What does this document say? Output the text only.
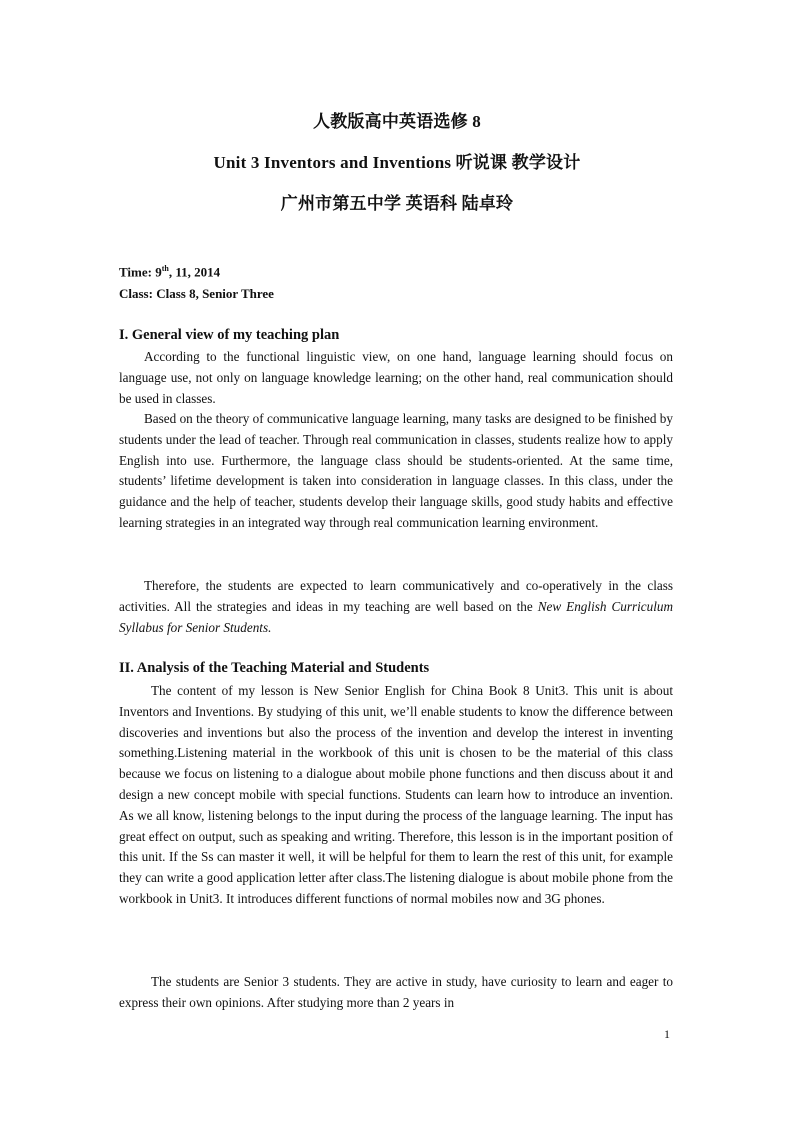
人教版高中英语选修 8
Unit 3 Inventors and Inventions 听说课 教学设计
广州市第五中学 英语科 陆卓玲
Time: 9th, 11, 2014
Class: Class 8, Senior Three
I. General view of my teaching plan

According to the functional linguistic view, on one hand, language learning should focus on language use, not only on language knowledge learning; on the other hand, real communication should be used in classes.

Based on the theory of communicative language learning, many tasks are designed to be finished by students under the lead of teacher. Through real communication in classes, students realize how to apply English into use. Furthermore, the language class should be students-oriented. At the same time, students’ lifetime development is taken into consideration in language classes. In this class, under the guidance and the help of teacher, students develop their language skills, good study habits and effective learning strategies in an integrated way through real communication learning environment.

Therefore, the students are expected to learn communicatively and co-operatively in the class activities. All the strategies and ideas in my teaching are well based on the New English Curriculum Syllabus for Senior Students.

II. Analysis of the Teaching Material and Students

The content of my lesson is New Senior English for China Book 8 Unit3. This unit is about Inventors and Inventions. By studying of this unit, we’ll enable students to know the difference between discoveries and inventions but also the process of the invention and develop the interest in inventing something.Listening material in the workbook of this unit is chosen to be the material of this class because we focus on listening to a dialogue about mobile phone functions and then discuss about it and design a new concept mobile with special functions. Students can learn how to introduce an invention. As we all know, listening belongs to the input during the process of the language learning. The input has great effect on output, such as speaking and writing. Therefore, this lesson is in the important position of this unit. If the Ss can master it well, it will be helpful for them to learn the rest of this unit, for example they can write a good application letter after class.The listening dialogue is about mobile phone from the workbook in Unit3. It introduces different functions of normal mobiles now and 3G phones.

The students are Senior 3 students. They are active in study, have curiosity to learn and eager to express their own opinions. After studying more than 2 years in

1
